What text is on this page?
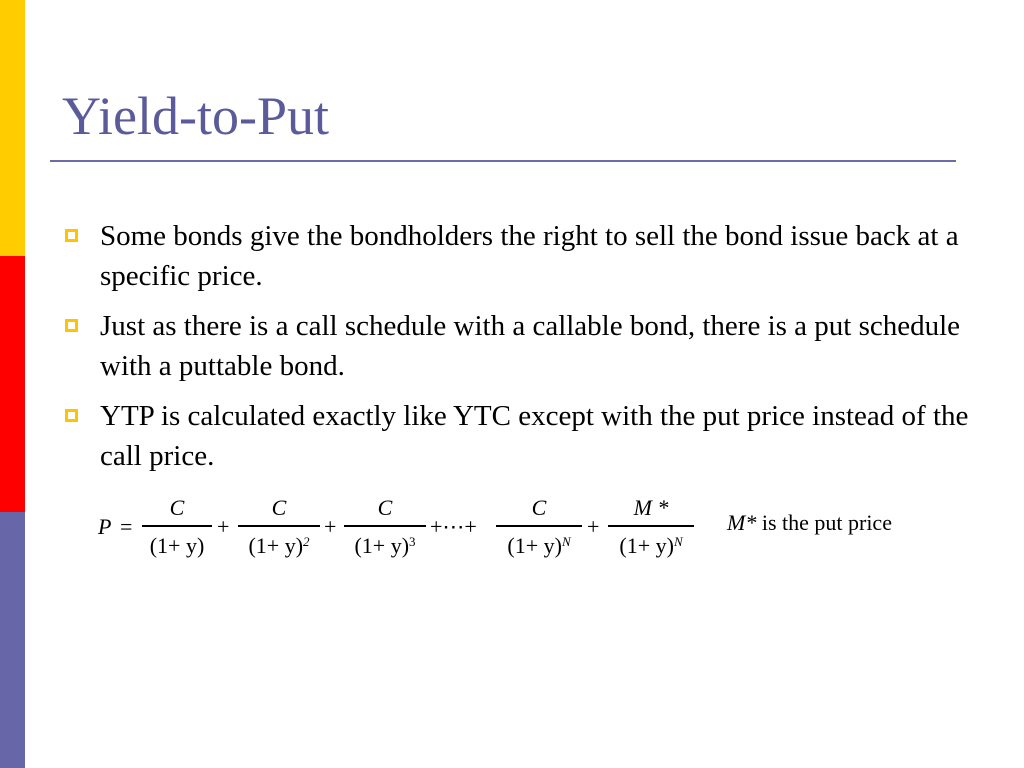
Yield-to-Put
Some bonds give the bondholders the right to sell the bond issue back at a specific price.
Just as there is a call schedule with a callable bond, there is a put schedule with a puttable bond.
YTP is calculated exactly like YTC except with the put price instead of the call price.
P =
C
(1+ y)
+
C
$(1+ y)^2$
+
C
$(1+ y)^3$
+⋯+
C
$(1+ y)^N$
+
M *
$(1+ y)^N$
M* is the put price
